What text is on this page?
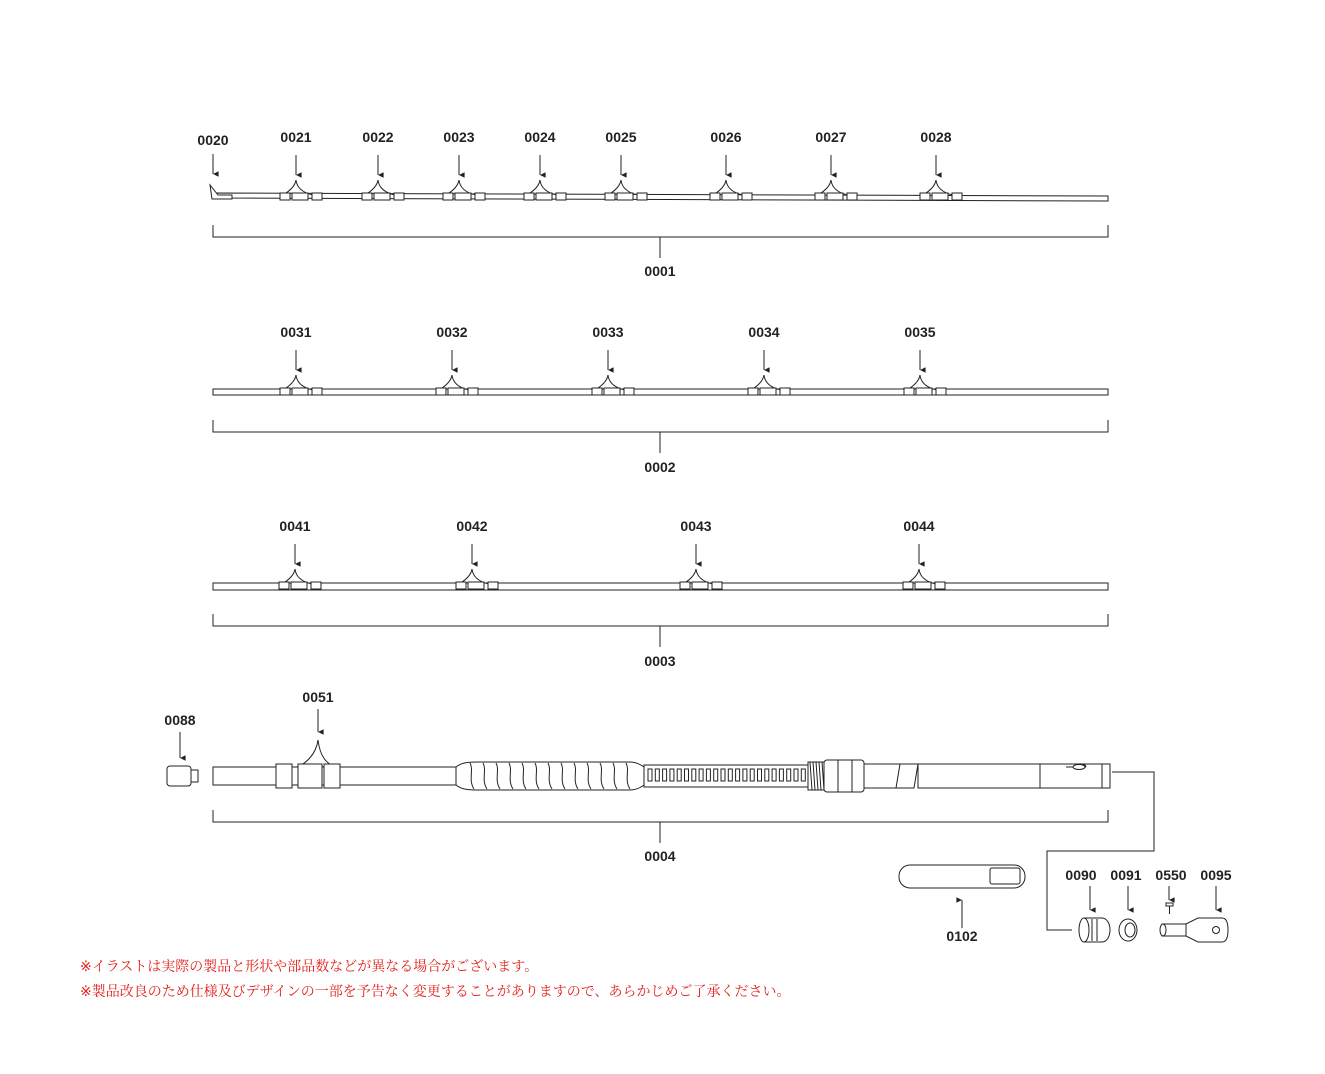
0020	0021	0022	0023	0024	0025	0026	0027	0028
0001
0031	0032	0033	0034	0035
0002
0041	0042	0043	0044
0003
0088
0051
0004
0102
0090 0091 0550 0095
※イラストは実際の製品と形状や部品数などが異なる場合がございます。
※製品改良のため仕様及びデザインの一部を予告なく変更することがありますので、あらかじめご了承ください。
